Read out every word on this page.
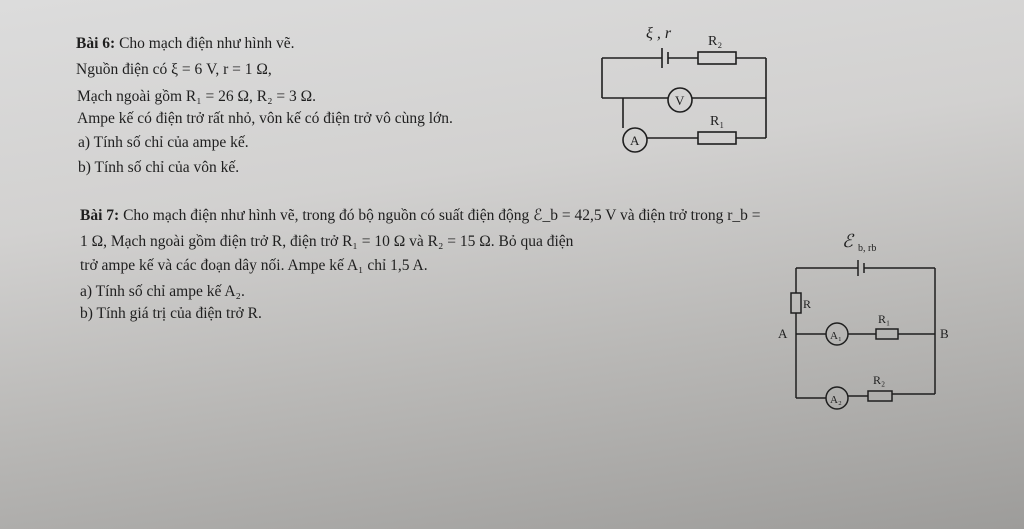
Bài 6: Cho mạch điện như hình vẽ.
Nguồn điện có ξ = 6 V, r = 1 Ω,
Mạch ngoài gồm R₁ = 26 Ω, R₂ = 3 Ω.
Ampe kế có điện trở rất nhỏ, vôn kế có điện trở vô cùng lớn.
a) Tính số chỉ của ampe kế.
b) Tính số chỉ của vôn kế.
ξ , r	R₂
V
R₁
A
Bài 7: Cho mạch điện như hình vẽ, trong đó bộ nguồn có suất điện động ℰ_b = 42,5 V và điện trở trong r_b =
1 Ω, Mạch ngoài gồm điện trở R, điện trở R₁ = 10 Ω và R₂ = 15 Ω. Bỏ qua điện
trở ampe kế và các đoạn dây nối. Ampe kế A₁ chỉ 1,5 A.
a) Tính số chỉ ampe kế A₂.
b) Tính giá trị của điện trở R.
ℰ b, rb
R
A	B
A₁
R₁
R₂
A₂
